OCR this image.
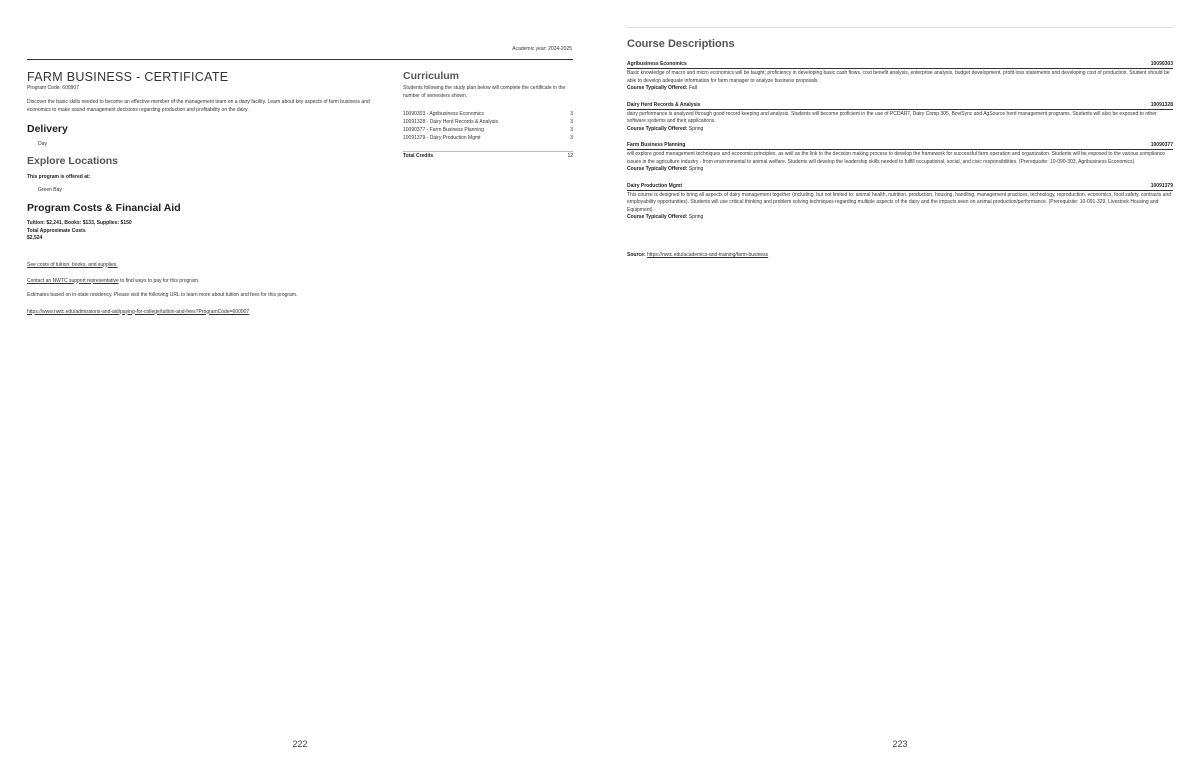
Academic year: 2024-2025
FARM BUSINESS - CERTIFICATE
Program Code: 600907

Discover the basic skills needed to become an effective member of the management team on a dairy facility. Learn about key aspects of farm business and economics to make sound management decisions regarding production and profitability on the dairy.

Delivery
Day
Explore Locations
This program is offered at:
Green Bay
Program Costs & Financial Aid
Tuition: $2,241, Books: $133, Supplies: $150
Total Approximate Costs
$2,524
See costs of tuition, books, and supplies.
Contact an NWTC support representative to find ways to pay for this program.
Estimates based on in-state residency. Please visit the following URL to learn more about tuition and fees for this program.
https://www.nwtc.edu/admissions-and-aid/paying-for-college/tuition-and-fees?ProgramCode=600907
Curriculum

Students following the study plan below will complete the certificate in the number of semesters shown.

10090303 - Agribusiness Economics	3
10091328 - Dairy Herd Records & Analysis	3
10090377 - Farm Business Planning	3
10091379 - Dairy Production Mgmt	3
Total Credits	12
222
Course Descriptions
Agribusiness Economics	10090303
Basic knowledge of macro and micro economics will be taught; proficiency in developing basic cash flows, cost benefit analysis, enterprise analysis, budget development, profit loss statements and developing cost of production. Student should be able to develop adequate information for farm manager to analyze business proposals.
Course Typically Offered: Fall
Dairy Herd Records & Analysis	10091328
dairy performance is analyzed through good record keeping and analysis. Students will become proficient in the use of PCDART, Dairy Comp 305, BoviSync and AgSource herd management programs. Students will also be exposed to other software systems and their applications.
Course Typically Offered: Spring
Farm Business Planning	10090377
will explore good management techniques and economic principles, as well as the link to the decision making process to develop the framework for successful farm operation and organization. Students will be exposed to the various compliance issues in the agriculture industry - from environmental to animal welfare. Students will develop the leadership skills needed to fulfill occupational, social, and civic responsibilities. (Prerequisite: 10-090-303, Agribusiness Economics)
Course Typically Offered: Spring
Dairy Production Mgmt	10091379
This course is designed to bring all aspects of dairy management together (including, but not limited to: animal health, nutrition, production, housing, handling, management practices, technology, reproduction, economics, food safety, contracts and employability opportunities). Students will use critical thinking and problem solving techniques regarding multiple aspects of the dairy and the impacts seen on animal production/performance. (Prerequisite: 10-091-329, Livestock Housing and Equipment)
Course Typically Offered: Spring
Source: https://nwtc.edu/academics-and-training/farm-business
223
